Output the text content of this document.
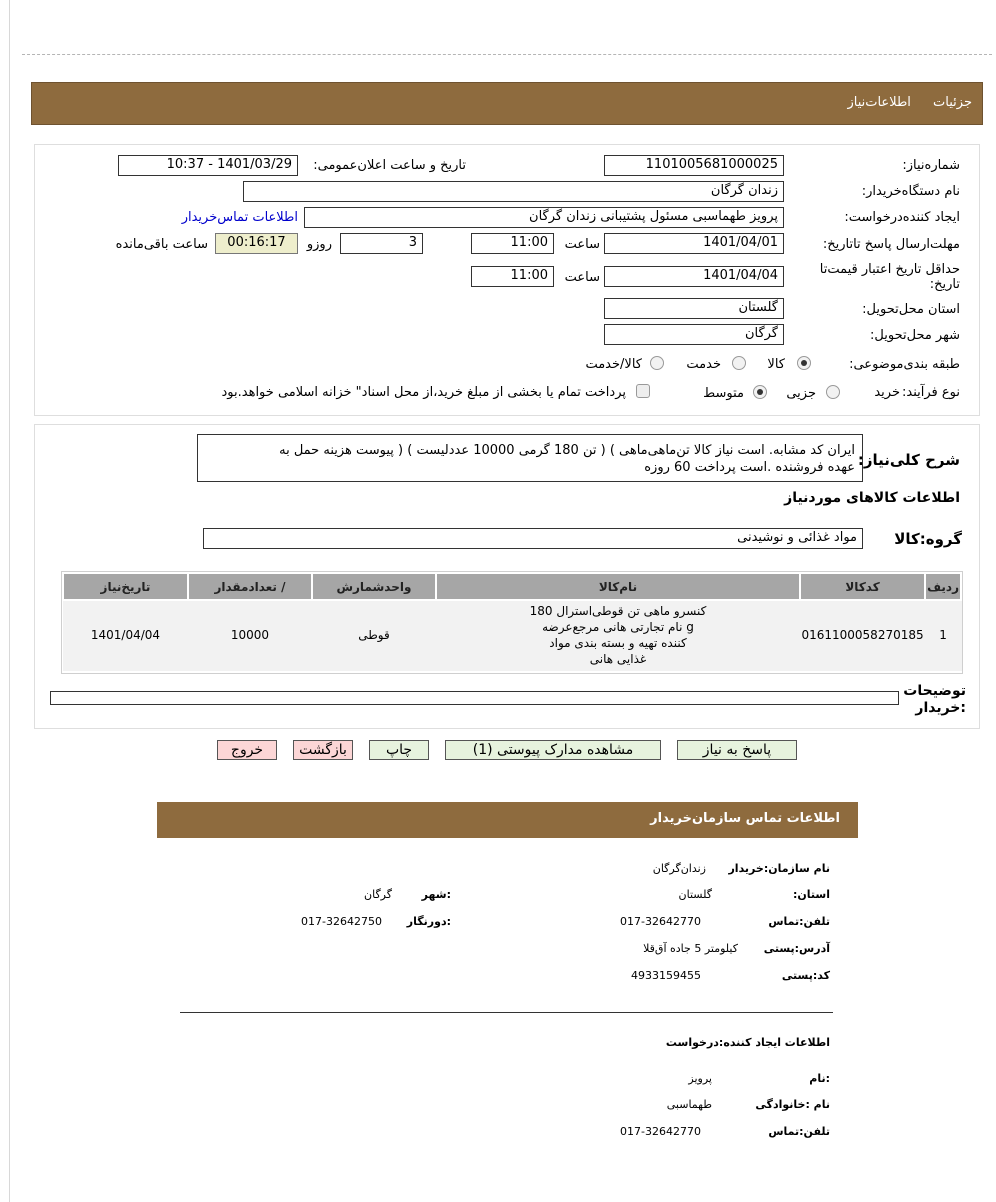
جزئيات اطلاعات‌نیاز
شماره‌نیاز:
1101005681000025
تاریخ و ساعت اعلان‌عمومی:
1401/03/29 - 10:37
نام دستگاه‌خریدار:
زندان گرگان
ایجاد کننده‌درخواست:
پرویز طهماسبی مسئول پشتیبانی زندان گرگان
اطلاعات تماس‌خریدار
مهلت‌ارسال پاسخ تا‌تاریخ:
1401/04/01
ساعت
11:00
3
روزو
00:16:17
ساعت باقی‌مانده
حداقل تاریخ اعتبار قیمت‌تا تاریخ:
1401/04/04
ساعت
11:00
استان محل‌تحویل:
گلستان
شهر محل‌تحویل:
گرگان
طبقه بندی‌موضوعی:
کالا
خدمت
کالا/خدمت
نوع فرآیند:
خرید
جزیی
متوسط
پرداخت تمام یا بخشی از مبلغ خرید،از محل اسناد" خزانه اسلامی خواهد.بود
شرح کلی‌نیاز:
ایران کد مشابه. است نیاز کالا تن‌ماهی‌ماهی ) ( تن 180 گرمی 10000 عددلیست ) ( پیوست هزینه حمل به
عهده فروشنده .است پرداخت 60 روزه
اطلاعات کالاهای موردنیاز
گروه:کالا
مواد غذائی و نوشیدنی
ردیف	کدکالا	نام‌کالا	واحدشمارش	/ تعدادمقدار	تاریخ‌نیاز
1	0161100058270185	کنسرو ماهی تن قوطی‌استرال 180
g نام تجارتی هانی مرجع‌عرضه
کننده تهیه و بسته بندی مواد
غذایی هانی	قوطی	10000	1401/04/04
توضیحات :خریدار
پاسخ به نیاز
مشاهده مدارک پیوستی (1)
چاپ
بازگشت
خروج
اطلاعات تماس سازمان‌خریدار
نام سازمان:خریدار
زندان‌گرگان
استان:
گلستان
:شهر
گرگان
تلفن:تماس
017-32642770
:دورنگار
017-32642750
آدرس:پستی
کیلومتر 5 جاده آق‌قلا
کد:پستی
4933159455
اطلاعات ایجاد کننده:درخواست
:نام
پرویز
نام :خانوادگی
طهماسبی
تلفن:تماس
017-32642770
